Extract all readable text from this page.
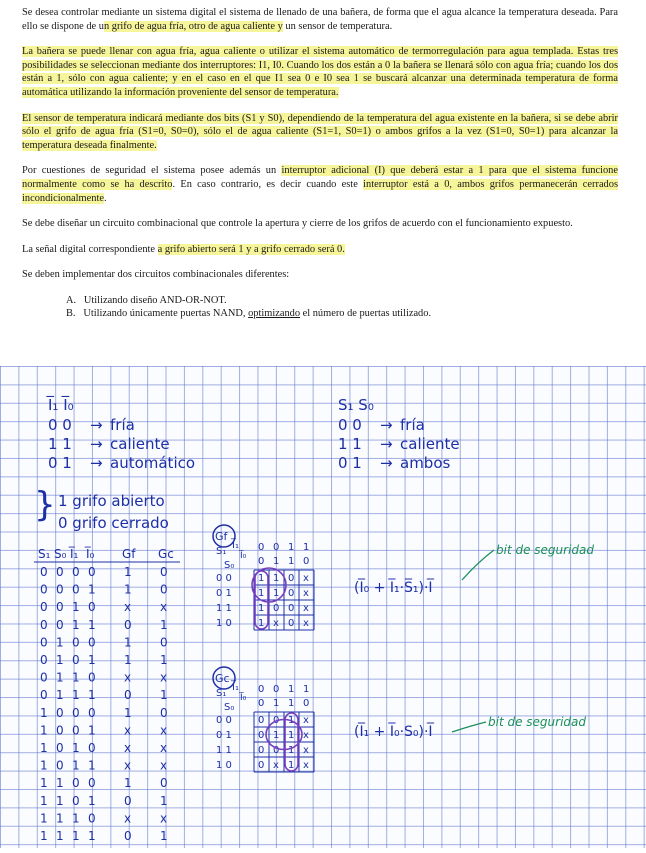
Se desea controlar mediante un sistema digital el sistema de llenado de una bañera, de forma que el agua alcance la temperatura deseada. Para ello se dispone de un grifo de agua fría, otro de agua caliente y un sensor de temperatura.

La bañera se puede llenar con agua fría, agua caliente o utilizar el sistema automático de termorregulación para agua templada. Estas tres posibilidades se seleccionan mediante dos interruptores: I1, I0. Cuando los dos están a 0 la bañera se llenará sólo con agua fría; cuando los dos están a 1, sólo con agua caliente; y en el caso en el que I1 sea 0 e I0 sea 1 se buscará alcanzar una determinada temperatura de forma automática utilizando la información proveniente del sensor de temperatura.

El sensor de temperatura indicará mediante dos bits (S1 y S0), dependiendo de la temperatura del agua existente en la bañera, si se debe abrir sólo el grifo de agua fría (S1=0, S0=0), sólo el de agua caliente (S1=1, S0=1) o ambos grifos a la vez (S1=0, S0=1) para alcanzar la temperatura deseada finalmente.

Por cuestiones de seguridad el sistema posee además un interruptor adicional (I) que deberá estar a 1 para que el sistema funcione normalmente como se ha descrito. En caso contrario, es decir cuando este interruptor está a 0, ambos grifos permanecerán cerrados incondicionalmente.

Se debe diseñar un circuito combinacional que controle la apertura y cierre de los grifos de acuerdo con el funcionamiento expuesto.

La señal digital correspondiente a grifo abierto será 1 y a grifo cerrado será 0.

Se deben implementar dos circuitos combinacionales diferentes:

A.   Utilizando diseño AND-OR-NOT.
B.   Utilizando únicamente puertas NAND, optimizando el número de puertas utilizado.
I̅₁ I̅₀
0 0 → fría
1 1 → caliente
0 1 → automático
S₁ S₀
0 0 → fría
1 1 → caliente
0 1 → ambos
} 1 grifo abierto
0 grifo cerrado
S₁ S₀ I̅₁ I̅₀ Gf Gc
0 0 0 0 1 0
0 0 0 1 1 0
0 0 1 0 x x
0 0 1 1 0 1
0 1 0 0 1 0
0 1 0 1 1 1
0 1 1 0 x x
0 1 1 1 0 1
1 0 0 0 1 0
1 0 0 1 x x
1 0 1 0 x x
1 0 1 1 x x
1 1 0 0 1 0
1 1 0 1 0 1
1 1 1 0 x x
1 1 1 1 0 1
Gf
S₁
I̅₁
I̅₀
S₀
0 0 1 1
0 1 1 0
0 0
0 1
1 1
1 0
1 1 0 x
1 1 0 x
1 0 0 x
1 x 0 x
(I̅₀ + I̅₁·S̅₁)·I̅
bit de seguridad
Gc
S₁
I̅₁
I̅₀
S₀
0 0 1 1
0 1 1 0
0 0
0 1
1 1
1 0
0 0 1 x
0 1 1 x
0 0 1 x
0 x 1 x
(I̅₁ + I̅₀·S₀)·I̅
bit de seguridad
